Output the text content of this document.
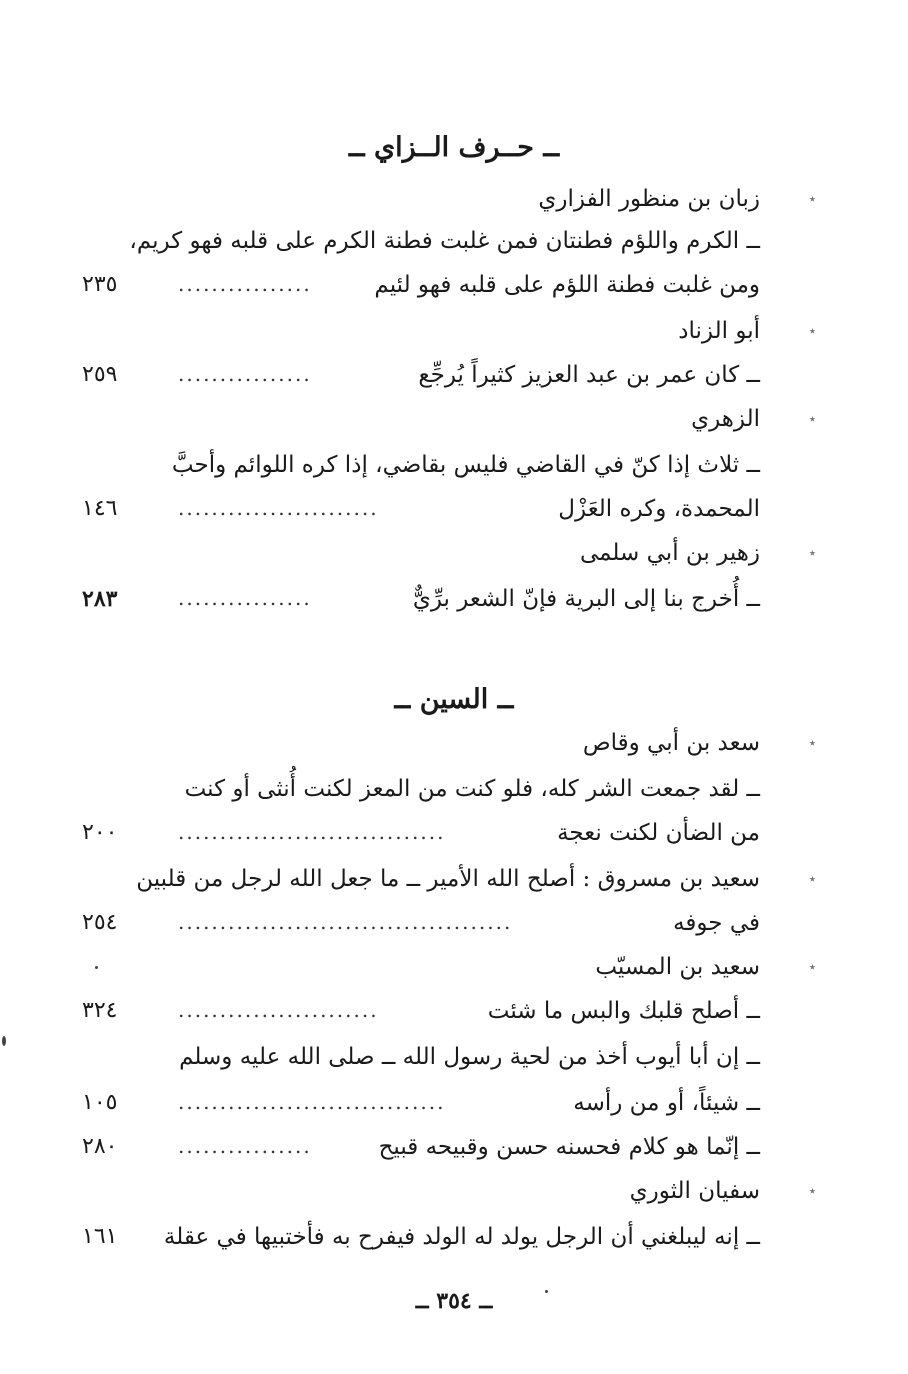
ــ حــرف الــزاي ــ
٭
زبان بن منظور الفزاري
ــ الكرم واللؤم فطنتان فمن غلبت فطنة الكرم على قلبه فهو كريم،
ومن غلبت فطنة اللؤم على قلبه فهو لئيم
................
٢٣٥
٭
أبو الزناد
ــ كان عمر بن عبد العزيز كثيراً يُرجِّع
................
٢٥٩
٭
الزهري
ــ ثلاث إذا كنّ في القاضي فليس بقاضي، إذا كره اللوائم وأحبَّ
المحمدة، وكره العَزْل
........................
١٤٦
٭
زهير بن أبي سلمى
ــ أُخرج بنا إلى البرية فإنّ الشعر برِّيٌّ
................
٢٨٣
ــ السين ــ
٭
سعد بن أبي وقاص
ــ لقد جمعت الشر كله، فلو كنت من المعز لكنت أُنثى أو كنت
من الضأن لكنت نعجة
................................
٢٠٠
٭
سعيد بن مسروق : أصلح الله الأمير ــ ما جعل الله لرجل من قلبين
في جوفه
........................................
٢٥٤
٭
سعيد بن المسيّب
ــ أصلح قلبك والبس ما شئت
........................
٣٢٤
ــ إن أبا أيوب أخذ من لحية رسول الله ــ صلى الله عليه وسلم
ــ شيئاً، أو من رأسه
................................
١٠٥
ــ إنّما هو كلام فحسنه حسن وقبيحه قبيح
................
٢٨٠
٭
سفيان الثوري
ــ إنه ليبلغني أن الرجل يولد له الولد فيفرح به فأختبيها في عقلة
١٦١
ــ ٣٥٤ ــ
